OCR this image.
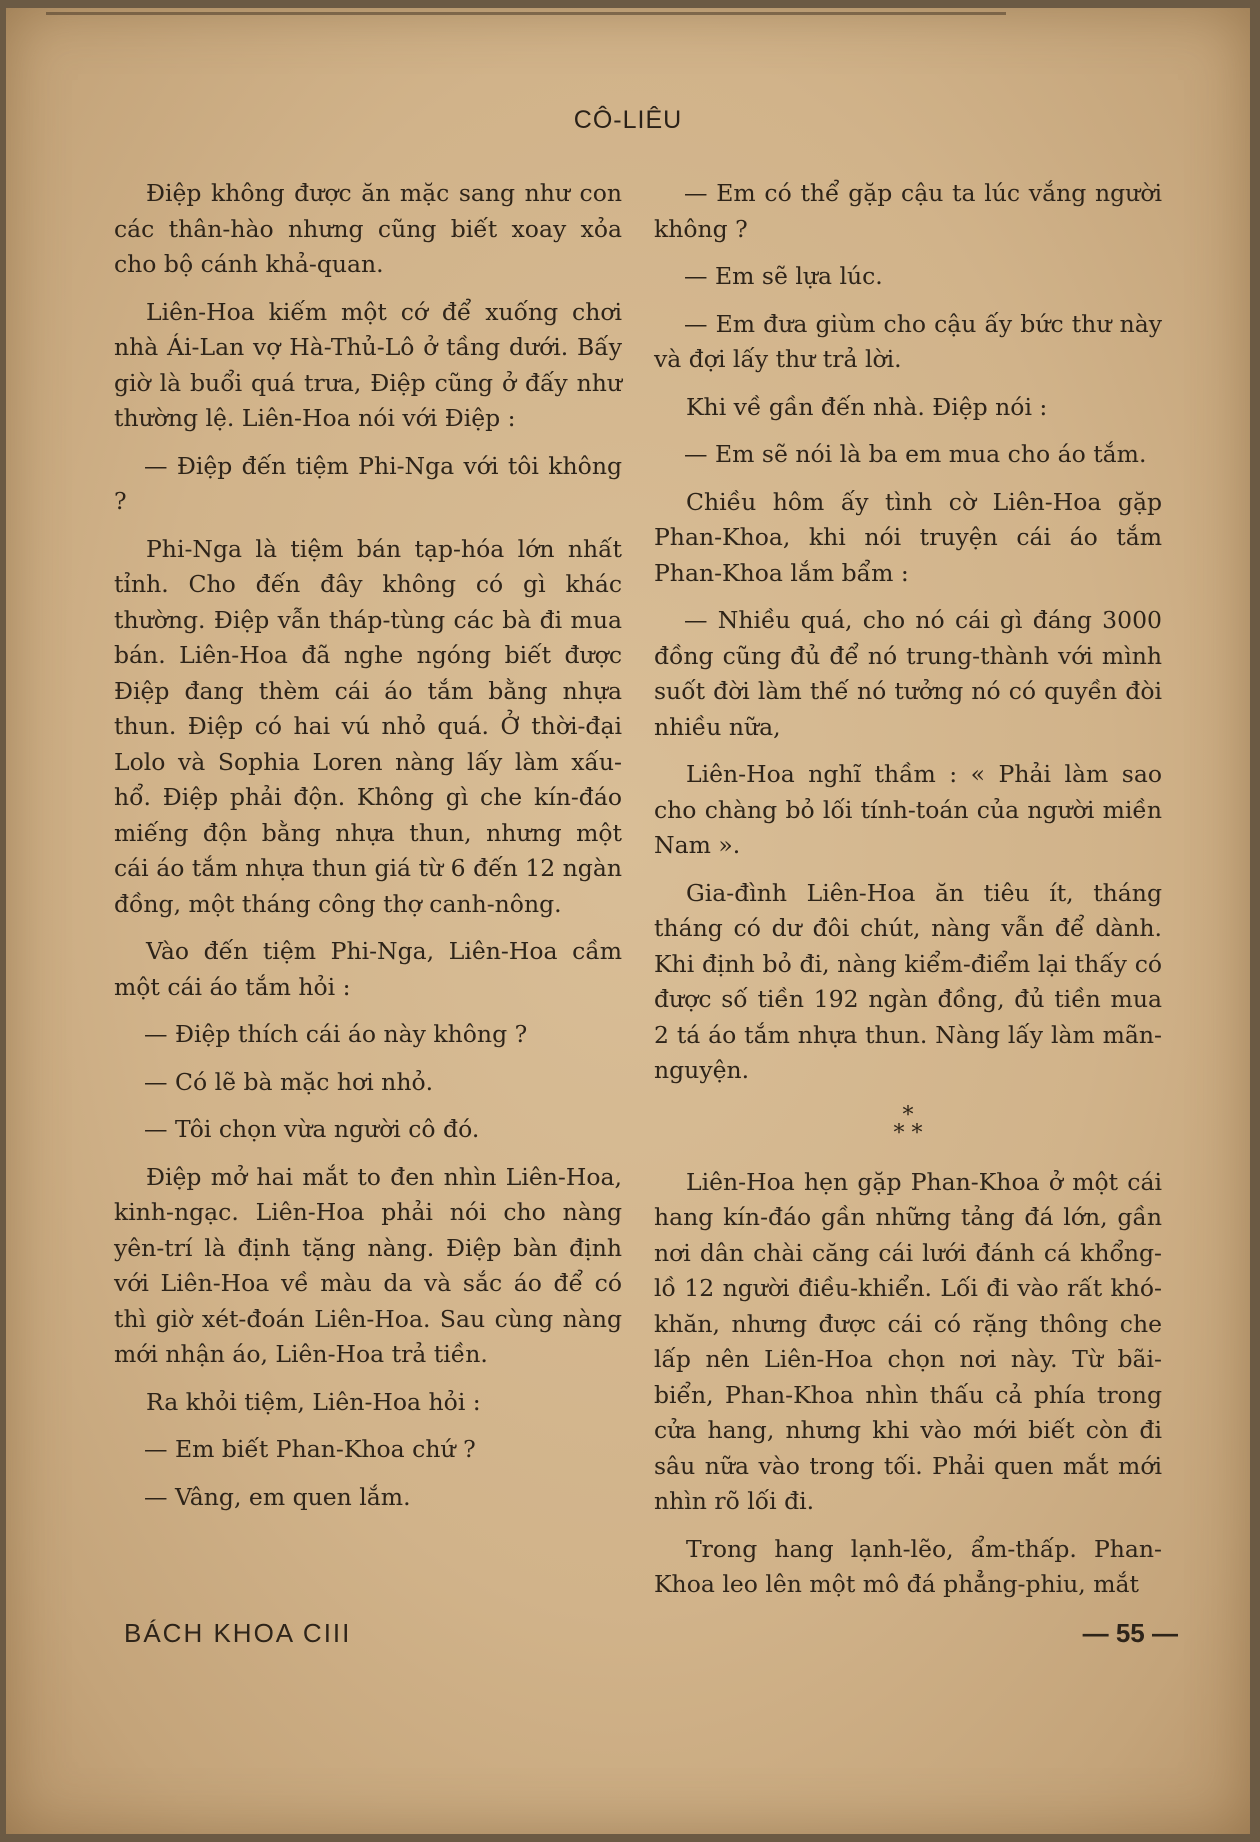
CÔ-LIÊU

Điệp không được ăn mặc sang như con các thân-hào nhưng cũng biết xoay xỏa cho bộ cánh khả-quan.

Liên-Hoa kiếm một cớ để xuống chơi nhà Ái-Lan vợ Hà-Thủ-Lô ở tầng dưới. Bấy giờ là buổi quá trưa, Điệp cũng ở đấy như thường lệ. Liên-Hoa nói với Điệp :

— Điệp đến tiệm Phi-Nga với tôi không ?

Phi-Nga là tiệm bán tạp-hóa lớn nhất tỉnh. Cho đến đây không có gì khác thường. Điệp vẫn tháp-tùng các bà đi mua bán. Liên-Hoa đã nghe ngóng biết được Điệp đang thèm cái áo tắm bằng nhựa thun. Điệp có hai vú nhỏ quá. Ở thời-đại Lolo và Sophia Loren nàng lấy làm xấu-hổ. Điệp phải độn. Không gì che kín-đáo miếng độn bằng nhựa thun, nhưng một cái áo tắm nhựa thun giá từ 6 đến 12 ngàn đồng, một tháng công thợ canh-nông.

Vào đến tiệm Phi-Nga, Liên-Hoa cầm một cái áo tắm hỏi :

— Điệp thích cái áo này không ?

— Có lẽ bà mặc hơi nhỏ.

— Tôi chọn vừa người cô đó.

Điệp mở hai mắt to đen nhìn Liên-Hoa, kinh-ngạc. Liên-Hoa phải nói cho nàng yên-trí là định tặng nàng. Điệp bàn định với Liên-Hoa về màu da và sắc áo để có thì giờ xét-đoán Liên-Hoa. Sau cùng nàng mới nhận áo, Liên-Hoa trả tiền.

Ra khỏi tiệm, Liên-Hoa hỏi :

— Em biết Phan-Khoa chứ ?

— Vâng, em quen lắm.

— Em có thể gặp cậu ta lúc vắng người không ?

— Em sẽ lựa lúc.

— Em đưa giùm cho cậu ấy bức thư này và đợi lấy thư trả lời.

Khi về gần đến nhà. Điệp nói :

— Em sẽ nói là ba em mua cho áo tắm.

Chiều hôm ấy tình cờ Liên-Hoa gặp Phan-Khoa, khi nói truyện cái áo tắm Phan-Khoa lắm bẩm :

— Nhiều quá, cho nó cái gì đáng 3000 đồng cũng đủ để nó trung-thành với mình suốt đời làm thế nó tưởng nó có quyền đòi nhiều nữa,

Liên-Hoa nghĩ thầm : « Phải làm sao cho chàng bỏ lối tính-toán của người miền Nam ».

Gia-đình Liên-Hoa ăn tiêu ít, tháng tháng có dư đôi chút, nàng vẫn để dành. Khi định bỏ đi, nàng kiểm-điểm lại thấy có được số tiền 192 ngàn đồng, đủ tiền mua 2 tá áo tắm nhựa thun. Nàng lấy làm mãn-nguyện.

*
* *

Liên-Hoa hẹn gặp Phan-Khoa ở một cái hang kín-đáo gần những tảng đá lớn, gần nơi dân chài căng cái lưới đánh cá khổng-lồ 12 người điều-khiển. Lối đi vào rất khó-khăn, nhưng được cái có rặng thông che lấp nên Liên-Hoa chọn nơi này. Từ bãi-biển, Phan-Khoa nhìn thấu cả phía trong cửa hang, nhưng khi vào mới biết còn đi sâu nữa vào trong tối. Phải quen mắt mới nhìn rõ lối đi.

Trong hang lạnh-lẽo, ẩm-thấp. Phan-Khoa leo lên một mô đá phẳng-phiu, mắt

BÁCH KHOA CIII	— 55 —
